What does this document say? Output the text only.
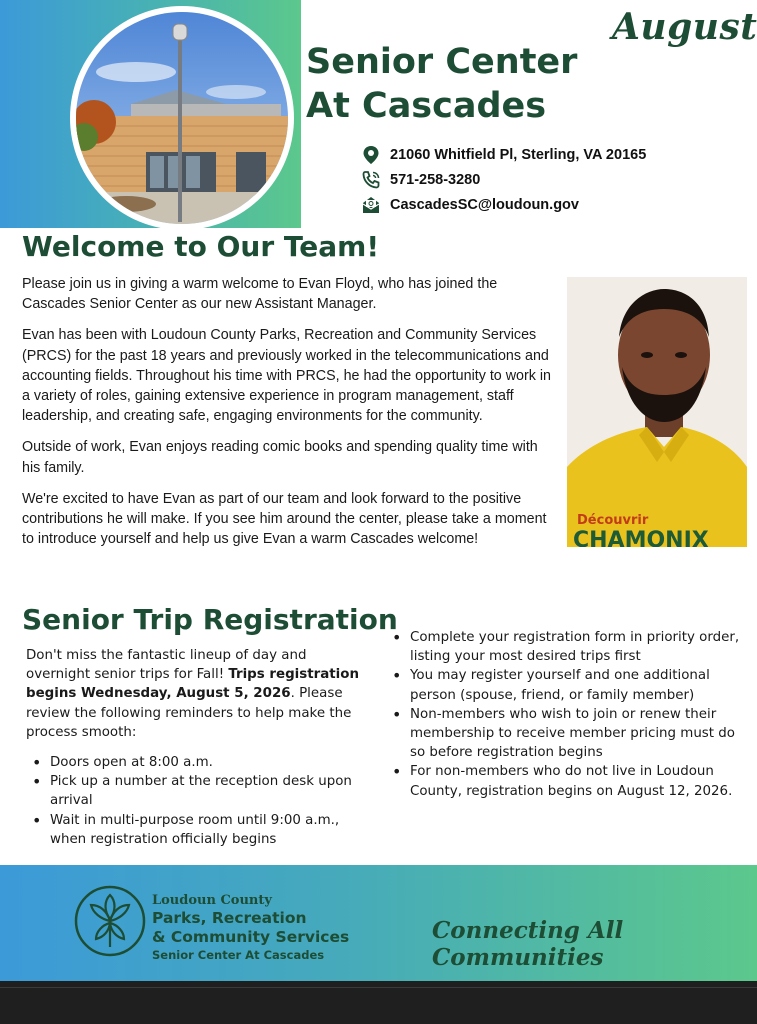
August
Senior Center
At Cascades
21060 Whitfield Pl, Sterling, VA 20165
571-258-3280
CascadesSC@loudoun.gov
Welcome to Our Team!

Please join us in giving a warm welcome to Evan Floyd, who has joined the Cascades Senior Center as our new Assistant Manager.

Evan has been with Loudoun County Parks, Recreation and Community Services (PRCS) for the past 18 years and previously worked in the telecommunications and accounting fields. Throughout his time with PRCS, he had the opportunity to work in a variety of roles, gaining extensive experience in program management, staff leadership, and creating safe, engaging environments for the community.

Outside of work, Evan enjoys reading comic books and spending quality time with his family.

We're excited to have Evan as part of our team and look forward to the positive contributions he will make. If you see him around the center, please take a moment to introduce yourself and help us give Evan a warm Cascades welcome!

Découvrir
CHAMONIX
Senior Trip Registration
Don't miss the fantastic lineup of day and overnight senior trips for Fall! Trips registration begins Wednesday, August 5, 2026. Please review the following reminders to help make the process smooth:
• Doors open at 8:00 a.m.
• Pick up a number at the reception desk upon arrival
• Wait in multi-purpose room until 9:00 a.m., when registration officially begins
• Complete your registration form in priority order, listing your most desired trips first
• You may register yourself and one additional person (spouse, friend, or family member)
• Non-members who wish to join or renew their membership to receive member pricing must do so before registration begins
• For non-members who do not live in Loudoun County, registration begins on August 12, 2026.
Loudoun County
Parks, Recreation
& Community Services
Senior Center At Cascades
Connecting All Communities
